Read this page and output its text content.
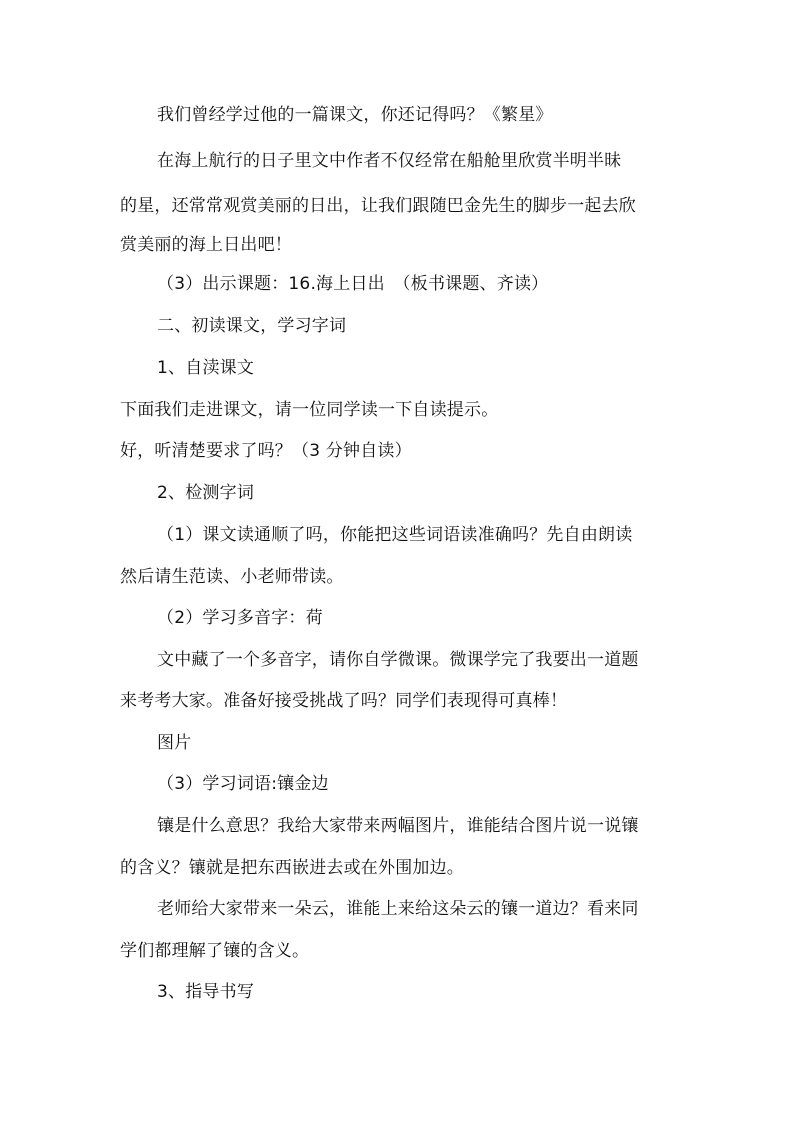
我们曾经学过他的一篇课文，你还记得吗？《繁星》
在海上航行的日子里文中作者不仅经常在船舱里欣赏半明半昧
的星，还常常观赏美丽的日出，让我们跟随巴金先生的脚步一起去欣
赏美丽的海上日出吧！
（3）出示课题：16.海上日出　（板书课题、齐读）
二、初读课文，学习字词
1、自渎课文
下面我们走进课文，请一位同学读一下自读提示。
好，听清楚要求了吗？（3 分钟自读）
2、检测字词
（1）课文读通顺了吗，你能把这些词语读准确吗？先自由朗读
然后请生范读、小老师带读。
（2）学习多音字：荷
文中藏了一个多音字，请你自学微课。微课学完了我要出一道题
来考考大家。准备好接受挑战了吗？同学们表现得可真棒！
图片
（3）学习词语:镶金边
镶是什么意思？我给大家带来两幅图片，谁能结合图片说一说镶
的含义？镶就是把东西嵌进去或在外围加边。
老师给大家带来一朵云，谁能上来给这朵云的镶一道边？看来同
学们都理解了镶的含义。
3、指导书写
